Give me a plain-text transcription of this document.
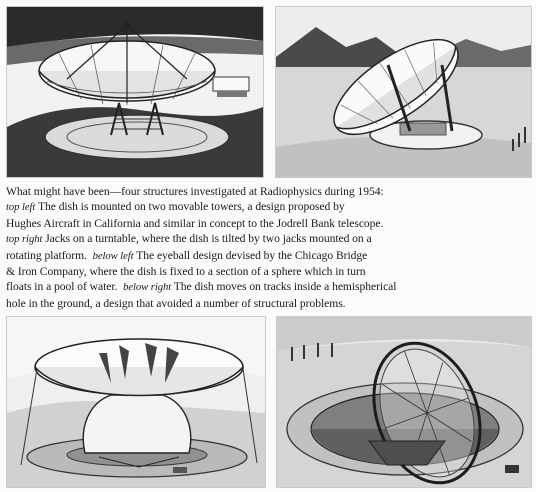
What might have been—four structures investigated at Radiophysics during 1954:
top left The dish is mounted on two movable towers, a design proposed by
Hughes Aircraft in California and similar in concept to the Jodrell Bank telescope.
top right Jacks on a turntable, where the dish is tilted by two jacks mounted on a
rotating platform. below left The eyeball design devised by the Chicago Bridge
& Iron Company, where the dish is fixed to a section of a sphere which in turn
floats in a pool of water. below right The dish moves on tracks inside a hemispherical
hole in the ground, a design that avoided a number of structural problems.
